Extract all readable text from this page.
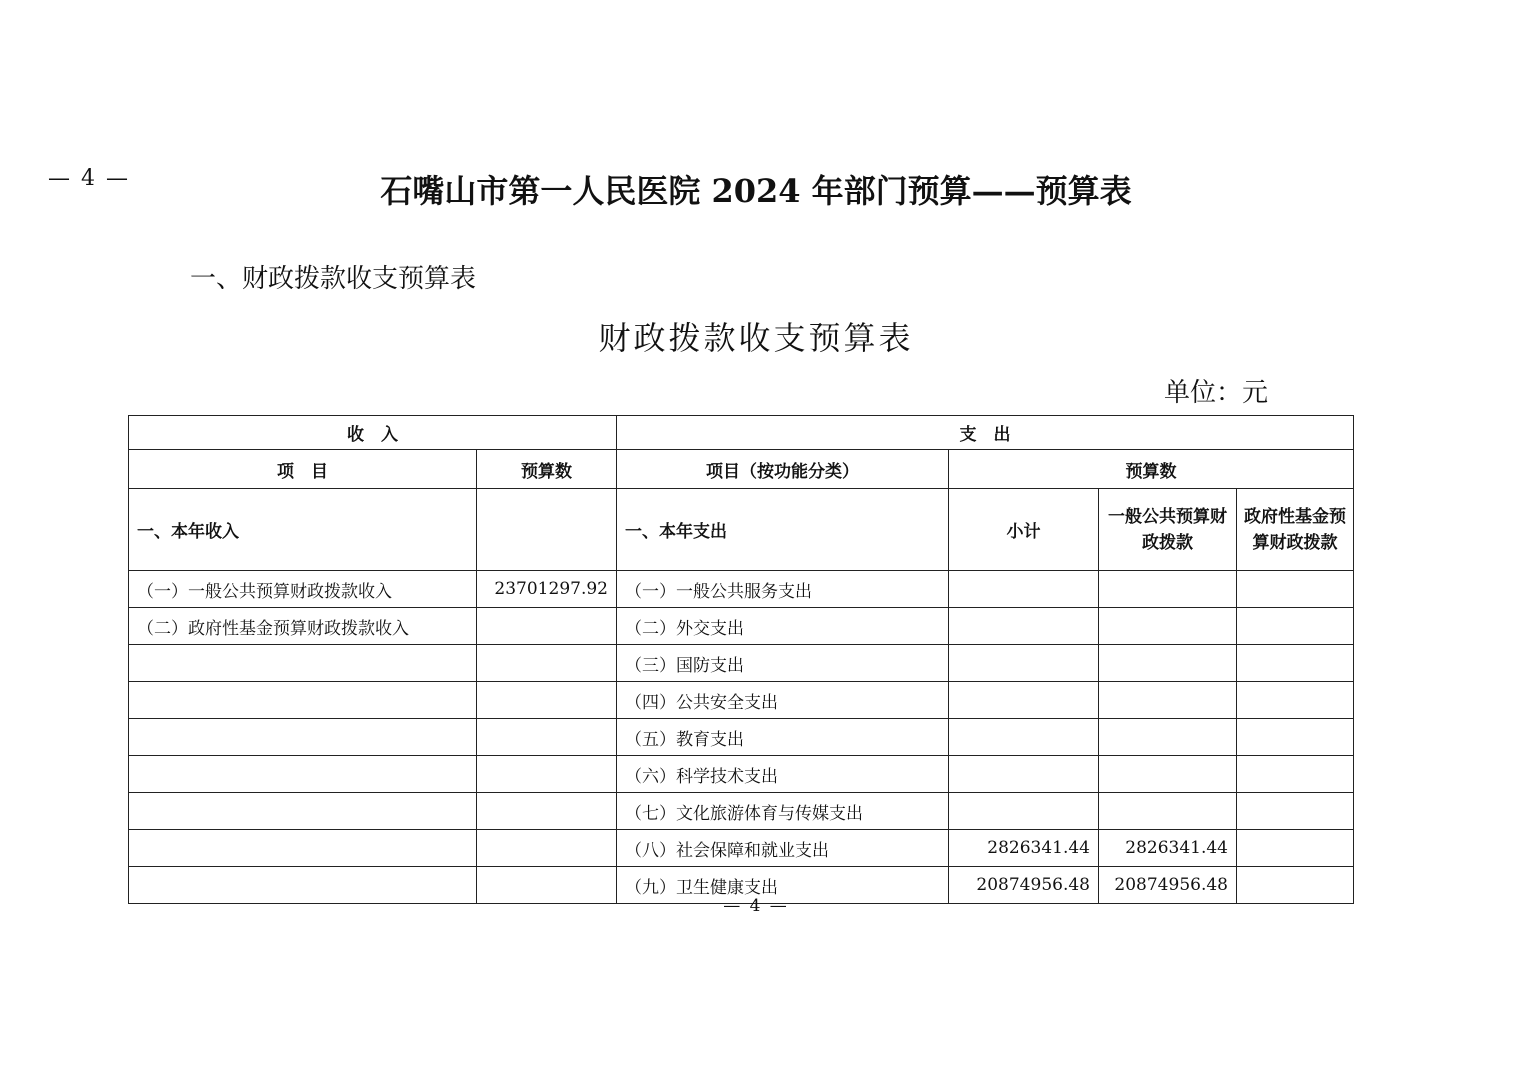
— 4 —	石嘴山市第一人民医院 2024 年部门预算——预算表
一、财政拨款收支预算表
财政拨款收支预算表
单位：元
收　入		支　出			
项　目	预算数	项目（按功能分类）	预算数		
一、本年收入		一、本年支出	小计	一般公共预算财政拨款	政府性基金预算财政拨款
（一）一般公共预算财政拨款收入	23701297.92	（一）一般公共服务支出			
（二）政府性基金预算财政拨款收入		（二）外交支出			
		（三）国防支出			
		（四）公共安全支出			
		（五）教育支出			
		（六）科学技术支出			
		（七）文化旅游体育与传媒支出			
		（八）社会保障和就业支出	2826341.44	2826341.44	
		（九）卫生健康支出	20874956.48	20874956.48	
— 4 —
